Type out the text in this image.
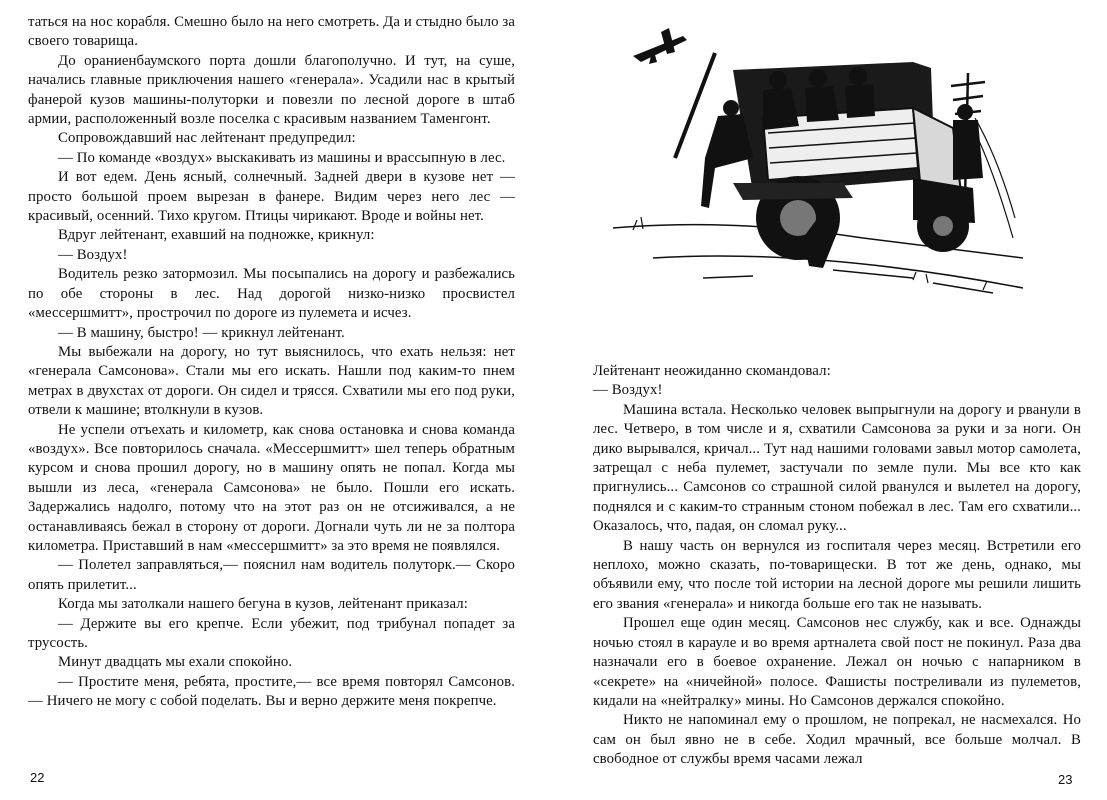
таться на нос корабля. Смешно было на него смотреть. Да и стыдно было за своего товарища.

До ораниенбаумского порта дошли благополучно. И тут, на суше, начались главные приключения нашего «генерала». Усадили нас в крытый фанерой кузов машины-полуторки и повезли по лесной дороге в штаб армии, расположенный возле поселка с красивым названием Таменгонт.

Сопровождавший нас лейтенант предупредил:

— По команде «воздух» выскакивать из машины и врассыпную в лес.

И вот едем. День ясный, солнечный. Задней двери в кузове нет — просто большой проем вырезан в фанере. Видим через него лес — красивый, осенний. Тихо кругом. Птицы чирикают. Вроде и войны нет.

Вдруг лейтенант, ехавший на подножке, крикнул:

— Воздух!

Водитель резко затормозил. Мы посыпались на дорогу и разбежались по обе стороны в лес. Над дорогой низко-низко просвистел «мессершмитт», прострочил по дороге из пулемета и исчез.

— В машину, быстро! — крикнул лейтенант.

Мы выбежали на дорогу, но тут выяснилось, что ехать нельзя: нет «генерала Самсонова». Стали мы его искать. Нашли под каким-то пнем метрах в двухстах от дороги. Он сидел и трясся. Схватили мы его под руки, отвели к машине; втолкнули в кузов.

Не успели отъехать и километр, как снова остановка и снова команда «воздух». Все повторилось сначала. «Мессершмитт» шел теперь обратным курсом и снова прошил дорогу, но в машину опять не попал. Когда мы вышли из леса, «генерала Самсонова» не было. Пошли его искать. Задержались надолго, потому что на этот раз он не отсиживался, а не останавливаясь бежал в сторону от дороги. Догнали чуть ли не за полтора километра. Приставший в нам «мессершмитт» за это время не появлялся.

— Полетел заправляться,— пояснил нам водитель полуторк.— Скоро опять прилетит...

Когда мы затолкали нашего бегуна в кузов, лейтенант приказал:

— Держите вы его крепче. Если убежит, под трибунал попадет за трусость.

Минут двадцать мы ехали спокойно.

— Простите меня, ребята, простите,— все время повторял Самсонов.— Ничего не могу с собой поделать. Вы и верно держите меня покрепче.

22

Лейтенант неожиданно скомандовал:

— Воздух!

Машина встала. Несколько человек выпрыгнули на дорогу и рванули в лес. Четверо, в том числе и я, схватили Самсонова за руки и за ноги. Он дико вырывался, кричал... Тут над нашими головами завыл мотор самолета, затрещал с неба пулемет, застучали по земле пули. Мы все кто как пригнулись... Самсонов со страшной силой рванулся и вылетел на дорогу, поднялся и с каким-то странным стоном побежал в лес. Там его схватили... Оказалось, что, падая, он сломал руку...

В нашу часть он вернулся из госпиталя через месяц. Встретили его неплохо, можно сказать, по-товарищески. В тот же день, однако, мы объявили ему, что после той истории на лесной дороге мы решили лишить его звания «генерала» и никогда больше его так не называть.

Прошел еще один месяц. Самсонов нес службу, как и все. Однажды ночью стоял в карауле и во время артналета свой пост не покинул. Раза два назначали его в боевое охранение. Лежал он ночью с напарником в «секрете» на «ничейной» полосе. Фашисты постреливали из пулеметов, кидали на «нейтралку» мины. Но Самсонов держался спокойно.

Никто не напоминал ему о прошлом, не попрекал, не насмехался. Но сам он был явно не в себе. Ходил мрачный, все больше молчал. В свободное от службы время часами лежал

23
